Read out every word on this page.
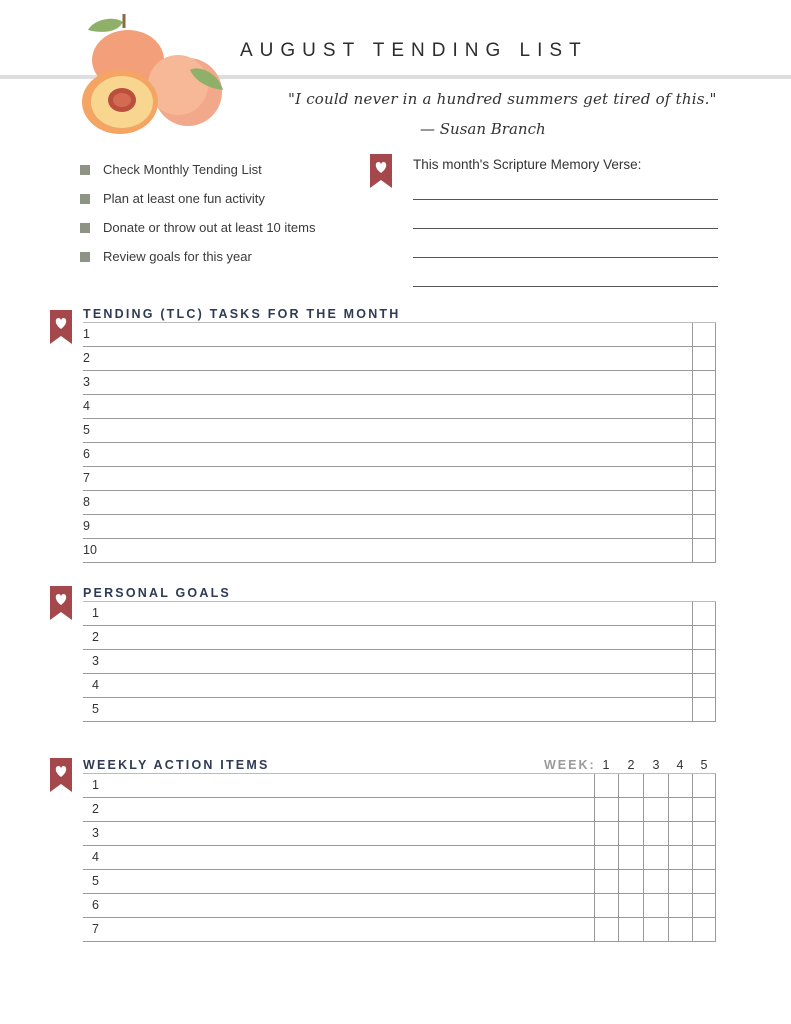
AUGUST TENDING LIST
"I could never in a hundred summers get tired of this."
— Susan Branch
Check Monthly Tending List
Plan at least one fun activity
Donate or throw out at least 10 items
Review goals for this year
This month's Scripture Memory Verse:
TENDING (TLC) TASKS FOR THE MONTH
1
2
3
4
5
6
7
8
9
10
PERSONAL GOALS
1
2
3
4
5
WEEKLY ACTION ITEMS	WEEK: 1	2	3	4	5
1
2
3
4
5
6
7
